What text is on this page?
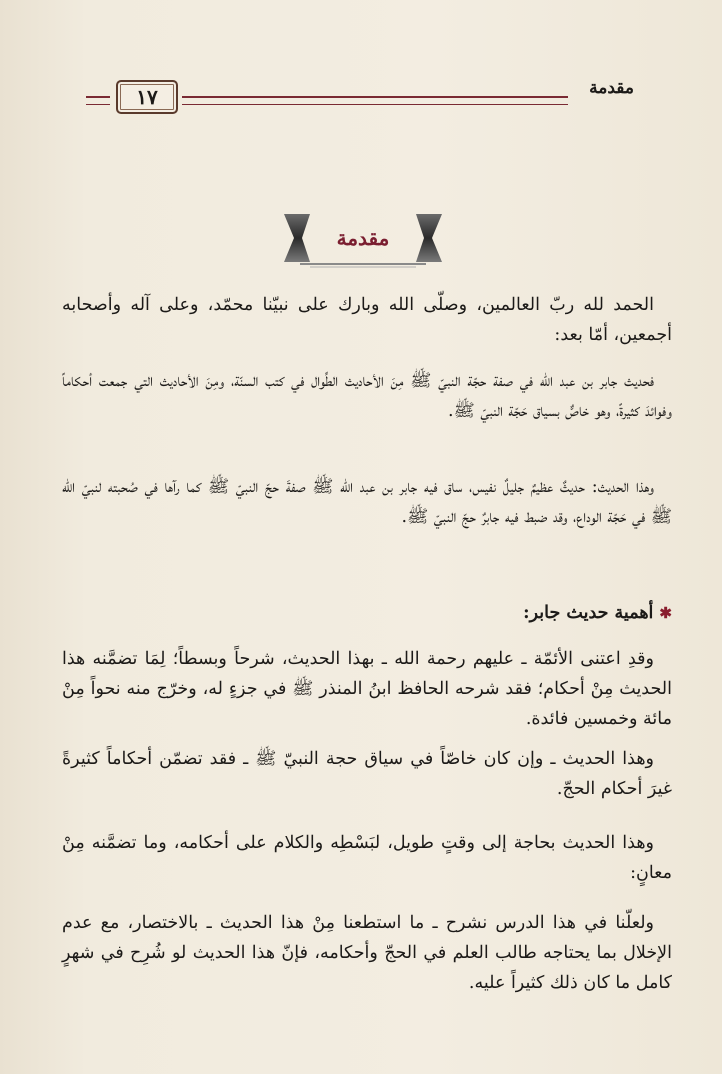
١٧	مقدمة
مقدمة

الحمد لله ربّ العالمين، وصلّى الله وبارك على نبيّنا محمّد، وعلى آله وأصحابه أجمعين، أمّا بعد:

فحديث جابر بن عبد الله في صفة حجّة النبيّ ﷺ مِنَ الأحاديث الطِّوال في كتب السنّة، ومِنَ الأحاديث التي جمعت أحكاماً وفوائدَ كثيرةً، وهو خاصٌّ بسياق حَجّة النبيّ ﷺ.

وهذا الحديث: حديثٌ عظيمٌ جليلٌ نفيس، ساق فيه جابر بن عبد الله ﷺ صفةَ حجّ النبيّ ﷺ كما رآها في صُحبته لنبيّ الله ﷺ في حَجّة الوداع، وقد ضبط فيه جابرٌ حجّ النبيّ ﷺ.

✱أهمية حديث جابر:

وقدِ اعتنى الأئمّة ـ عليهم رحمة الله ـ بهذا الحديث، شرحاً وبسطاً؛ لِمَا تضمَّنه هذا الحديث مِنْ أحكام؛ فقد شرحه الحافظ ابنُ المنذر ﷺ في جزءٍ له، وخرّج منه نحواً مِنْ مائة وخمسين فائدة.

وهذا الحديث ـ وإن كان خاصّاً في سياق حجة النبيّ ﷺ ـ فقد تضمّن أحكاماً كثيرةً غيرَ أحكام الحجّ.

وهذا الحديث بحاجة إلى وقتٍ طويل، لبَسْطِه والكلام على أحكامه، وما تضمَّنه مِنْ معانٍ:

ولعلّنا في هذا الدرس نشرح ـ ما استطعنا مِنْ هذا الحديث ـ بالاختصار، مع عدم الإخلال بما يحتاجه طالب العلم في الحجّ وأحكامه، فإنّ هذا الحديث لو شُرِح في شهرٍ كامل ما كان ذلك كثيراً عليه.
